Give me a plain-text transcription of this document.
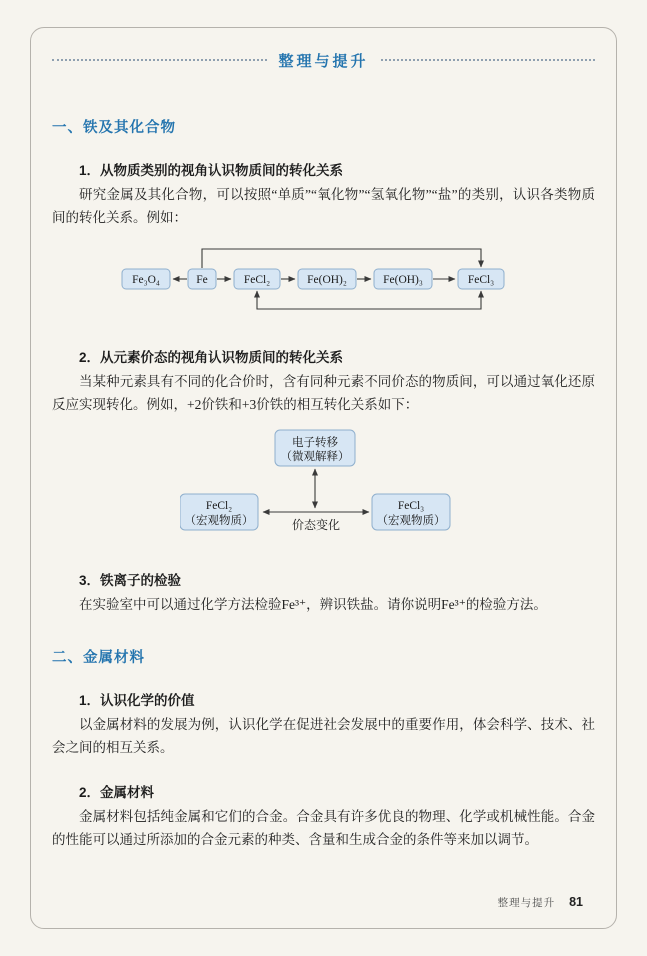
整理与提升
一、铁及其化合物
1．从物质类别的视角认识物质间的转化关系

研究金属及其化合物，可以按照“单质”“氧化物”“氢氧化物”“盐”的类别，认识各类物质间的转化关系。例如：

Fe₃O₄	Fe	FeCl₂	Fe(OH)₂	Fe(OH)₃	FeCl₃
2．从元素价态的视角认识物质间的转化关系

当某种元素具有不同的化合价时，含有同种元素不同价态的物质间，可以通过氧化还原反应实现转化。例如，+2价铁和+3价铁的相互转化关系如下：

电子转移
（微观解释）
FeCl₂
（宏观物质）
FeCl₃
（宏观物质）
价态变化
3．铁离子的检验

在实验室中可以通过化学方法检验Fe³⁺，辨识铁盐。请你说明Fe³⁺的检验方法。

二、金属材料
1．认识化学的价值

以金属材料的发展为例，认识化学在促进社会发展中的重要作用，体会科学、技术、社会之间的相互关系。

2．金属材料

金属材料包括纯金属和它们的合金。合金具有许多优良的物理、化学或机械性能。合金的性能可以通过所添加的合金元素的种类、含量和生成合金的条件等来加以调节。

整理与提升 81
